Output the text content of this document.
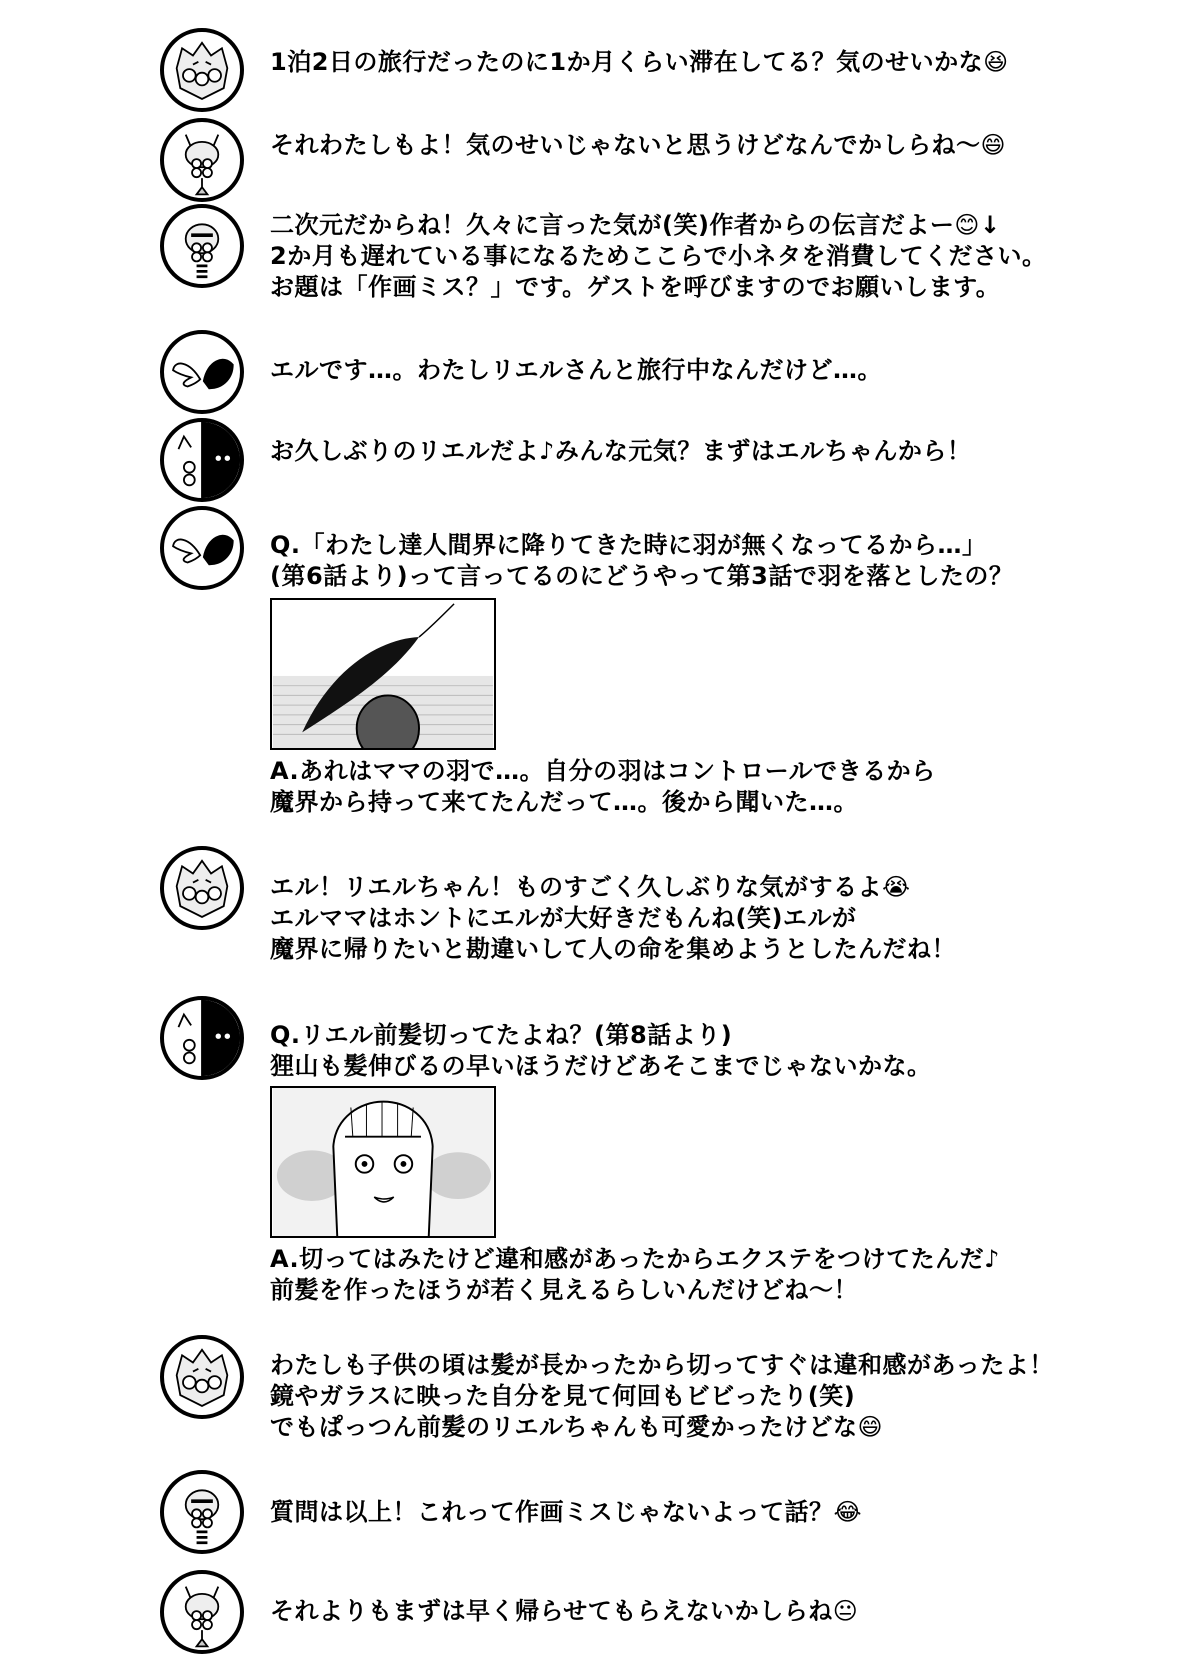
1泊2日の旅行だったのに1か月くらい滞在してる？気のせいかな😆
それわたしもよ！気のせいじゃないと思うけどなんでかしらね～😄
二次元だからね！久々に言った気が(笑)作者からの伝言だよー😊↓
2か月も遅れている事になるためここらで小ネタを消費してください。
お題は「作画ミス？」です。ゲストを呼びますのでお願いします。
エルです…。わたしリエルさんと旅行中なんだけど…。
お久しぶりのリエルだよ♪みんな元気？まずはエルちゃんから！
Q.「わたし達人間界に降りてきた時に羽が無くなってるから…」
(第6話より)って言ってるのにどうやって第3話で羽を落としたの？
A.あれはママの羽で…。自分の羽はコントロールできるから
魔界から持って来てたんだって…。後から聞いた…。
エル！リエルちゃん！ものすごく久しぶりな気がするよ😭
エルママはホントにエルが大好きだもんね(笑)エルが
魔界に帰りたいと勘違いして人の命を集めようとしたんだね！
Q.リエル前髪切ってたよね？(第8話より)
狸山も髪伸びるの早いほうだけどあそこまでじゃないかな。
A.切ってはみたけど違和感があったからエクステをつけてたんだ♪
前髪を作ったほうが若く見えるらしいんだけどね～！
わたしも子供の頃は髪が長かったから切ってすぐは違和感があったよ！
鏡やガラスに映った自分を見て何回もビビったり(笑)
でもぱっつん前髪のリエルちゃんも可愛かったけどな😄
質問は以上！これって作画ミスじゃないよって話？😂
それよりもまずは早く帰らせてもらえないかしらね😐
